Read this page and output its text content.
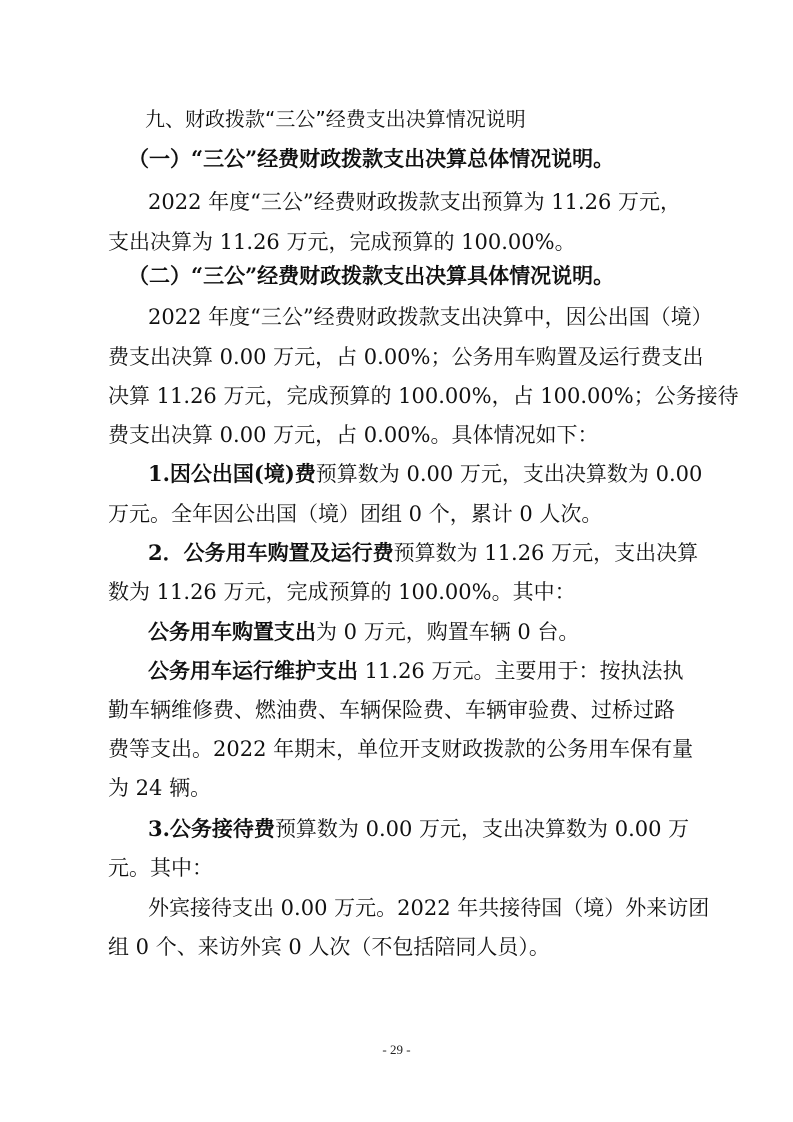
九、财政拨款“三公”经费支出决算情况说明
（一）“三公”经费财政拨款支出决算总体情况说明。
2022 年度“三公”经费财政拨款支出预算为 11.26 万元，
支出决算为 11.26 万元，完成预算的 100.00%。
（二）“三公”经费财政拨款支出决算具体情况说明。
2022 年度“三公”经费财政拨款支出决算中，因公出国（境）
费支出决算 0.00 万元，占 0.00%；公务用车购置及运行费支出
决算 11.26 万元，完成预算的 100.00%，占 100.00%；公务接待
费支出决算 0.00 万元，占 0.00%。具体情况如下：
1.因公出国(境)费预算数为 0.00 万元，支出决算数为 0.00
万元。全年因公出国（境）团组 0 个，累计 0 人次。
2．公务用车购置及运行费预算数为 11.26 万元，支出决算
数为 11.26 万元，完成预算的 100.00%。其中：
公务用车购置支出为 0 万元，购置车辆 0 台。
公务用车运行维护支出 11.26 万元。主要用于：按执法执
勤车辆维修费、燃油费、车辆保险费、车辆审验费、过桥过路
费等支出。2022 年期末，单位开支财政拨款的公务用车保有量
为 24 辆。
3.公务接待费预算数为 0.00 万元，支出决算数为 0.00 万
元。其中：
外宾接待支出 0.00 万元。2022 年共接待国（境）外来访团
组 0 个、来访外宾 0 人次（不包括陪同人员）。
- 29 -
